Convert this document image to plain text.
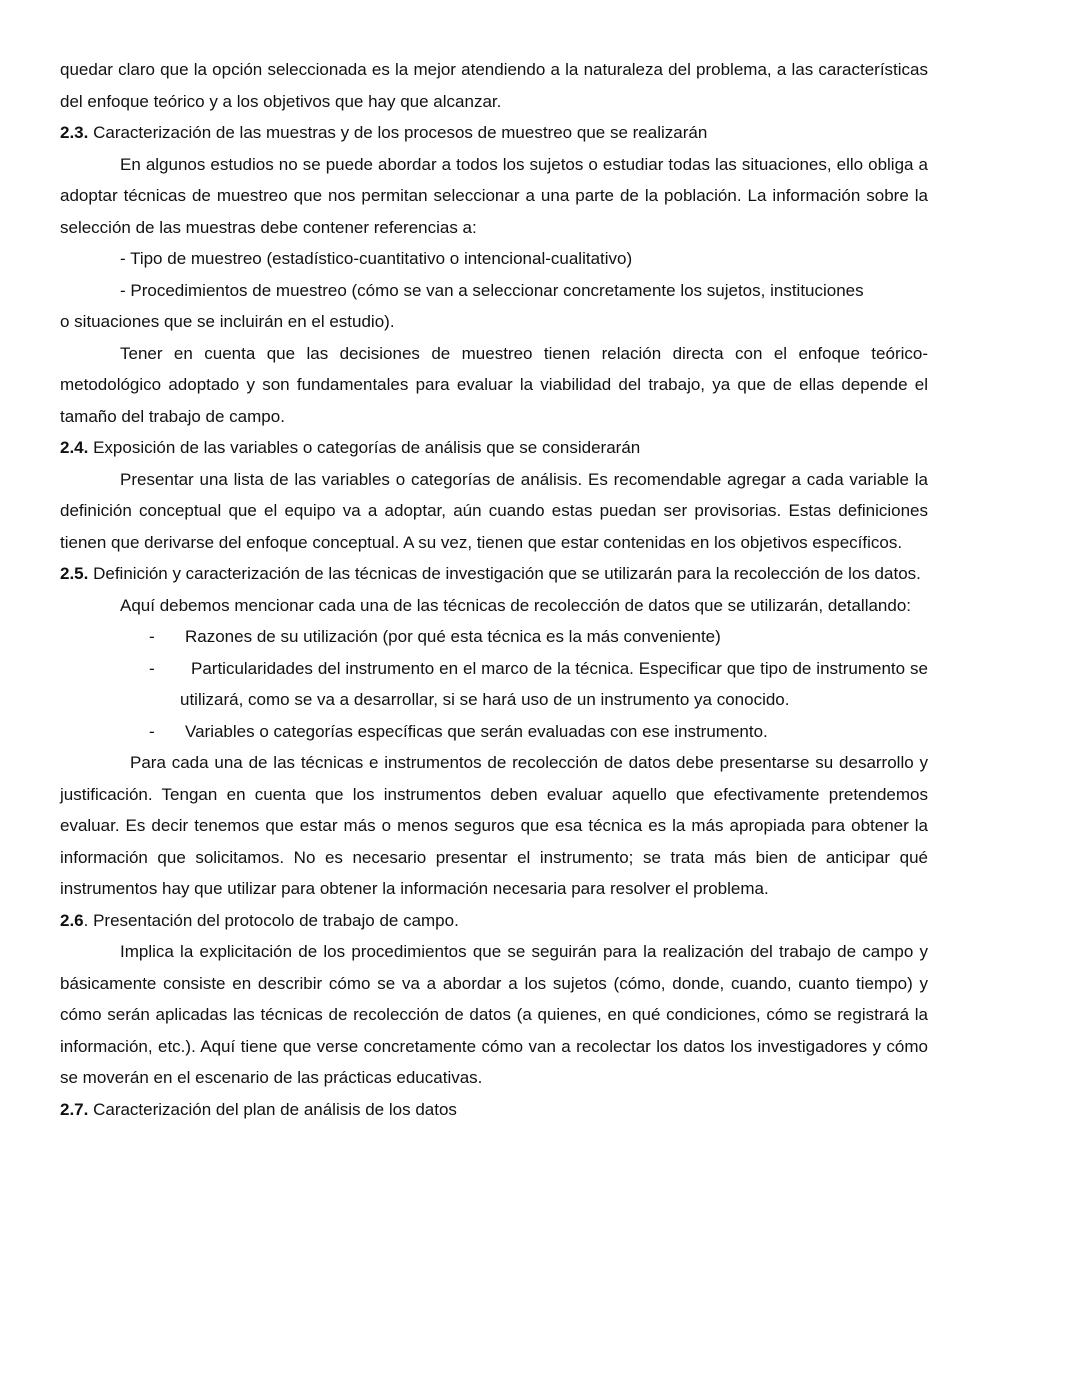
quedar claro que la opción seleccionada es la mejor atendiendo a la naturaleza del problema, a las características del enfoque teórico y a los objetivos que hay que alcanzar.

2.3. Caracterización de las muestras y de los procesos de muestreo que se realizarán

En algunos estudios no se puede abordar a todos los sujetos o estudiar todas las situaciones, ello obliga a adoptar técnicas de muestreo que nos permitan seleccionar a una parte de la población. La información sobre la selección de las muestras debe contener referencias a:

- Tipo de muestreo (estadístico-cuantitativo o intencional-cualitativo)

- Procedimientos de muestreo (cómo se van a seleccionar concretamente los sujetos, instituciones
o situaciones que se incluirán en el estudio).

Tener en cuenta que las decisiones de muestreo tienen relación directa con el enfoque teórico-metodológico adoptado y son fundamentales para evaluar la viabilidad del trabajo, ya que de ellas depende el tamaño del trabajo de campo.

2.4. Exposición de las variables o categorías de análisis que se considerarán

Presentar una lista de las variables o categorías de análisis. Es recomendable agregar a cada variable la definición conceptual que el equipo va a adoptar, aún cuando estas puedan ser provisorias. Estas definiciones tienen que derivarse del enfoque conceptual. A su vez, tienen que estar contenidas en los objetivos específicos.

2.5. Definición y caracterización de las técnicas de investigación que se utilizarán para la recolección de los datos.

Aquí debemos mencionar cada una de las técnicas de recolección de datos que se utilizarán, detallando:

- Razones de su utilización (por qué esta técnica es la más conveniente)
-	Particularidades del instrumento en el marco de la técnica. Especificar que tipo de instrumento se utilizará, como se va a desarrollar, si se hará uso de un instrumento ya conocido.
- Variables o categorías específicas que serán evaluadas con ese instrumento.

Para cada una de las técnicas e instrumentos de recolección de datos debe presentarse su desarrollo y justificación. Tengan en cuenta que los instrumentos deben evaluar aquello que efectivamente pretendemos evaluar. Es decir tenemos que estar más o menos seguros que esa técnica es la más apropiada para obtener la información que solicitamos. No es necesario presentar el instrumento; se trata más bien de anticipar qué instrumentos hay que utilizar para obtener la información necesaria para resolver el problema.

2.6. Presentación del protocolo de trabajo de campo.

Implica la explicitación de los procedimientos que se seguirán para la realización del trabajo de campo y básicamente consiste en describir cómo se va a abordar a los sujetos (cómo, donde, cuando, cuanto tiempo) y cómo serán aplicadas las técnicas de recolección de datos (a quienes, en qué condiciones, cómo se registrará la información, etc.). Aquí tiene que verse concretamente cómo van a recolectar los datos los investigadores y cómo se moverán en el escenario de las prácticas educativas.

2.7. Caracterización del plan de análisis de los datos
